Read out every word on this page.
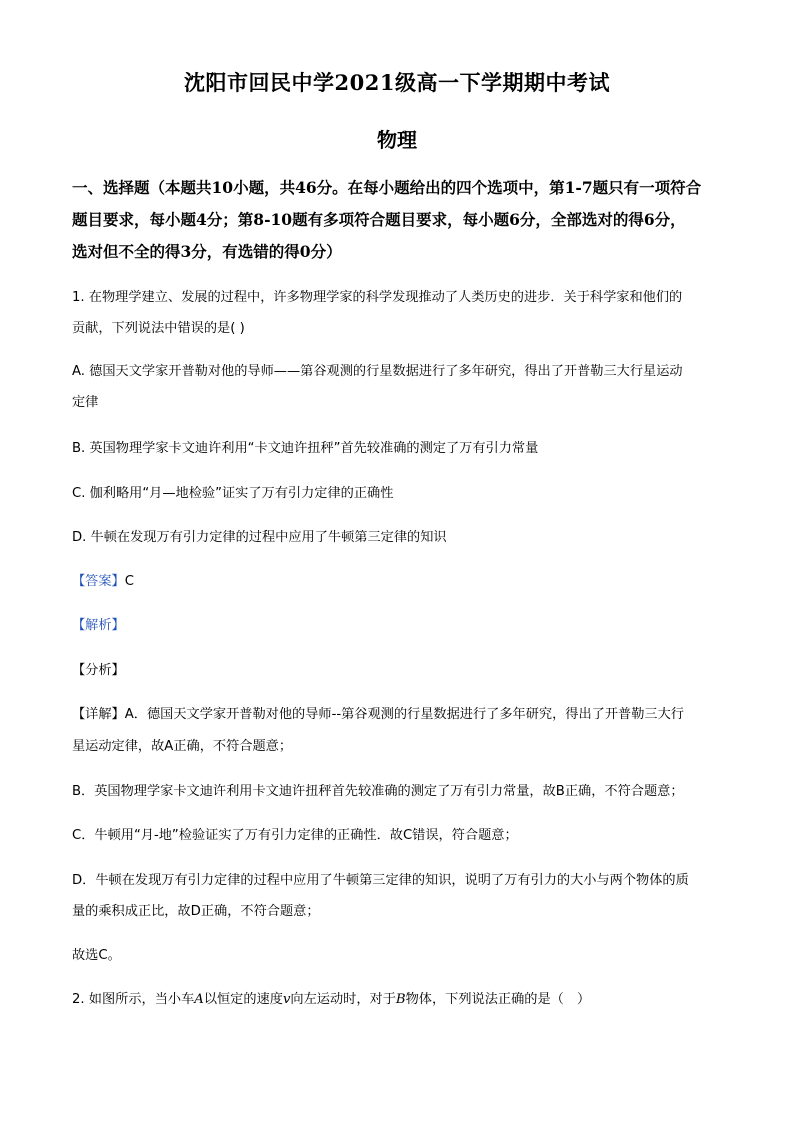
沈阳市回民中学2021级高一下学期期中考试
物理
一、选择题（本题共10小题，共46分。在每小题给出的四个选项中，第1-7题只有一项符合
题目要求，每小题4分；第8-10题有多项符合题目要求，每小题6分，全部选对的得6分，
选对但不全的得3分，有选错的得0分）
1. 在物理学建立、发展的过程中，许多物理学家的科学发现推动了人类历史的进步．关于科学家和他们的
贡献，下列说法中错误的是( )
A. 德国天文学家开普勒对他的导师——第谷观测的行星数据进行了多年研究，得出了开普勒三大行星运动
定律
B. 英国物理学家卡文迪许利用“卡文迪许扭秤”首先较准确的测定了万有引力常量
C. 伽利略用“月—地检验”证实了万有引力定律的正确性
D. 牛顿在发现万有引力定律的过程中应用了牛顿第三定律的知识
【答案】C
【解析】
【分析】
【详解】A．德国天文学家开普勒对他的导师--第谷观测的行星数据进行了多年研究，得出了开普勒三大行
星运动定律，故A正确，不符合题意；
B．英国物理学家卡文迪许利用卡文迪许扭秤首先较准确的测定了万有引力常量，故B正确，不符合题意；
C．牛顿用“月-地”检验证实了万有引力定律的正确性．故C错误，符合题意；
D．牛顿在发现万有引力定律的过程中应用了牛顿第三定律的知识，说明了万有引力的大小与两个物体的质
量的乘积成正比，故D正确，不符合题意；
故选C。
2. 如图所示，当小车A以恒定的速度v向左运动时，对于B物体，下列说法正确的是（　）
